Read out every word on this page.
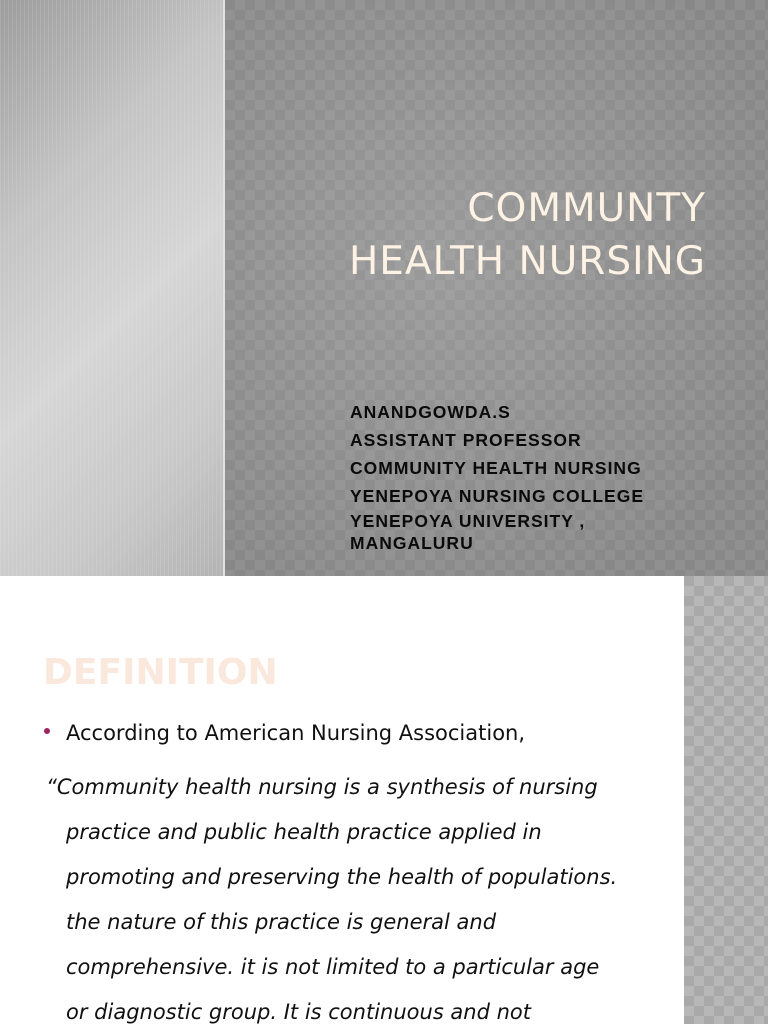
COMMUNTY
HEALTH NURSING
ANANDGOWDA.S
ASSISTANT PROFESSOR
COMMUNITY HEALTH NURSING
YENEPOYA NURSING COLLEGE
YENEPOYA UNIVERSITY ,
MANGALURU
DEFINITION
According to American Nursing Association,
“Community health nursing is a synthesis of nursing
practice and public health practice applied in
promoting and preserving the health of populations.
the nature of this practice is general and
comprehensive. it is not limited to a particular age
or diagnostic group. It is continuous and not
